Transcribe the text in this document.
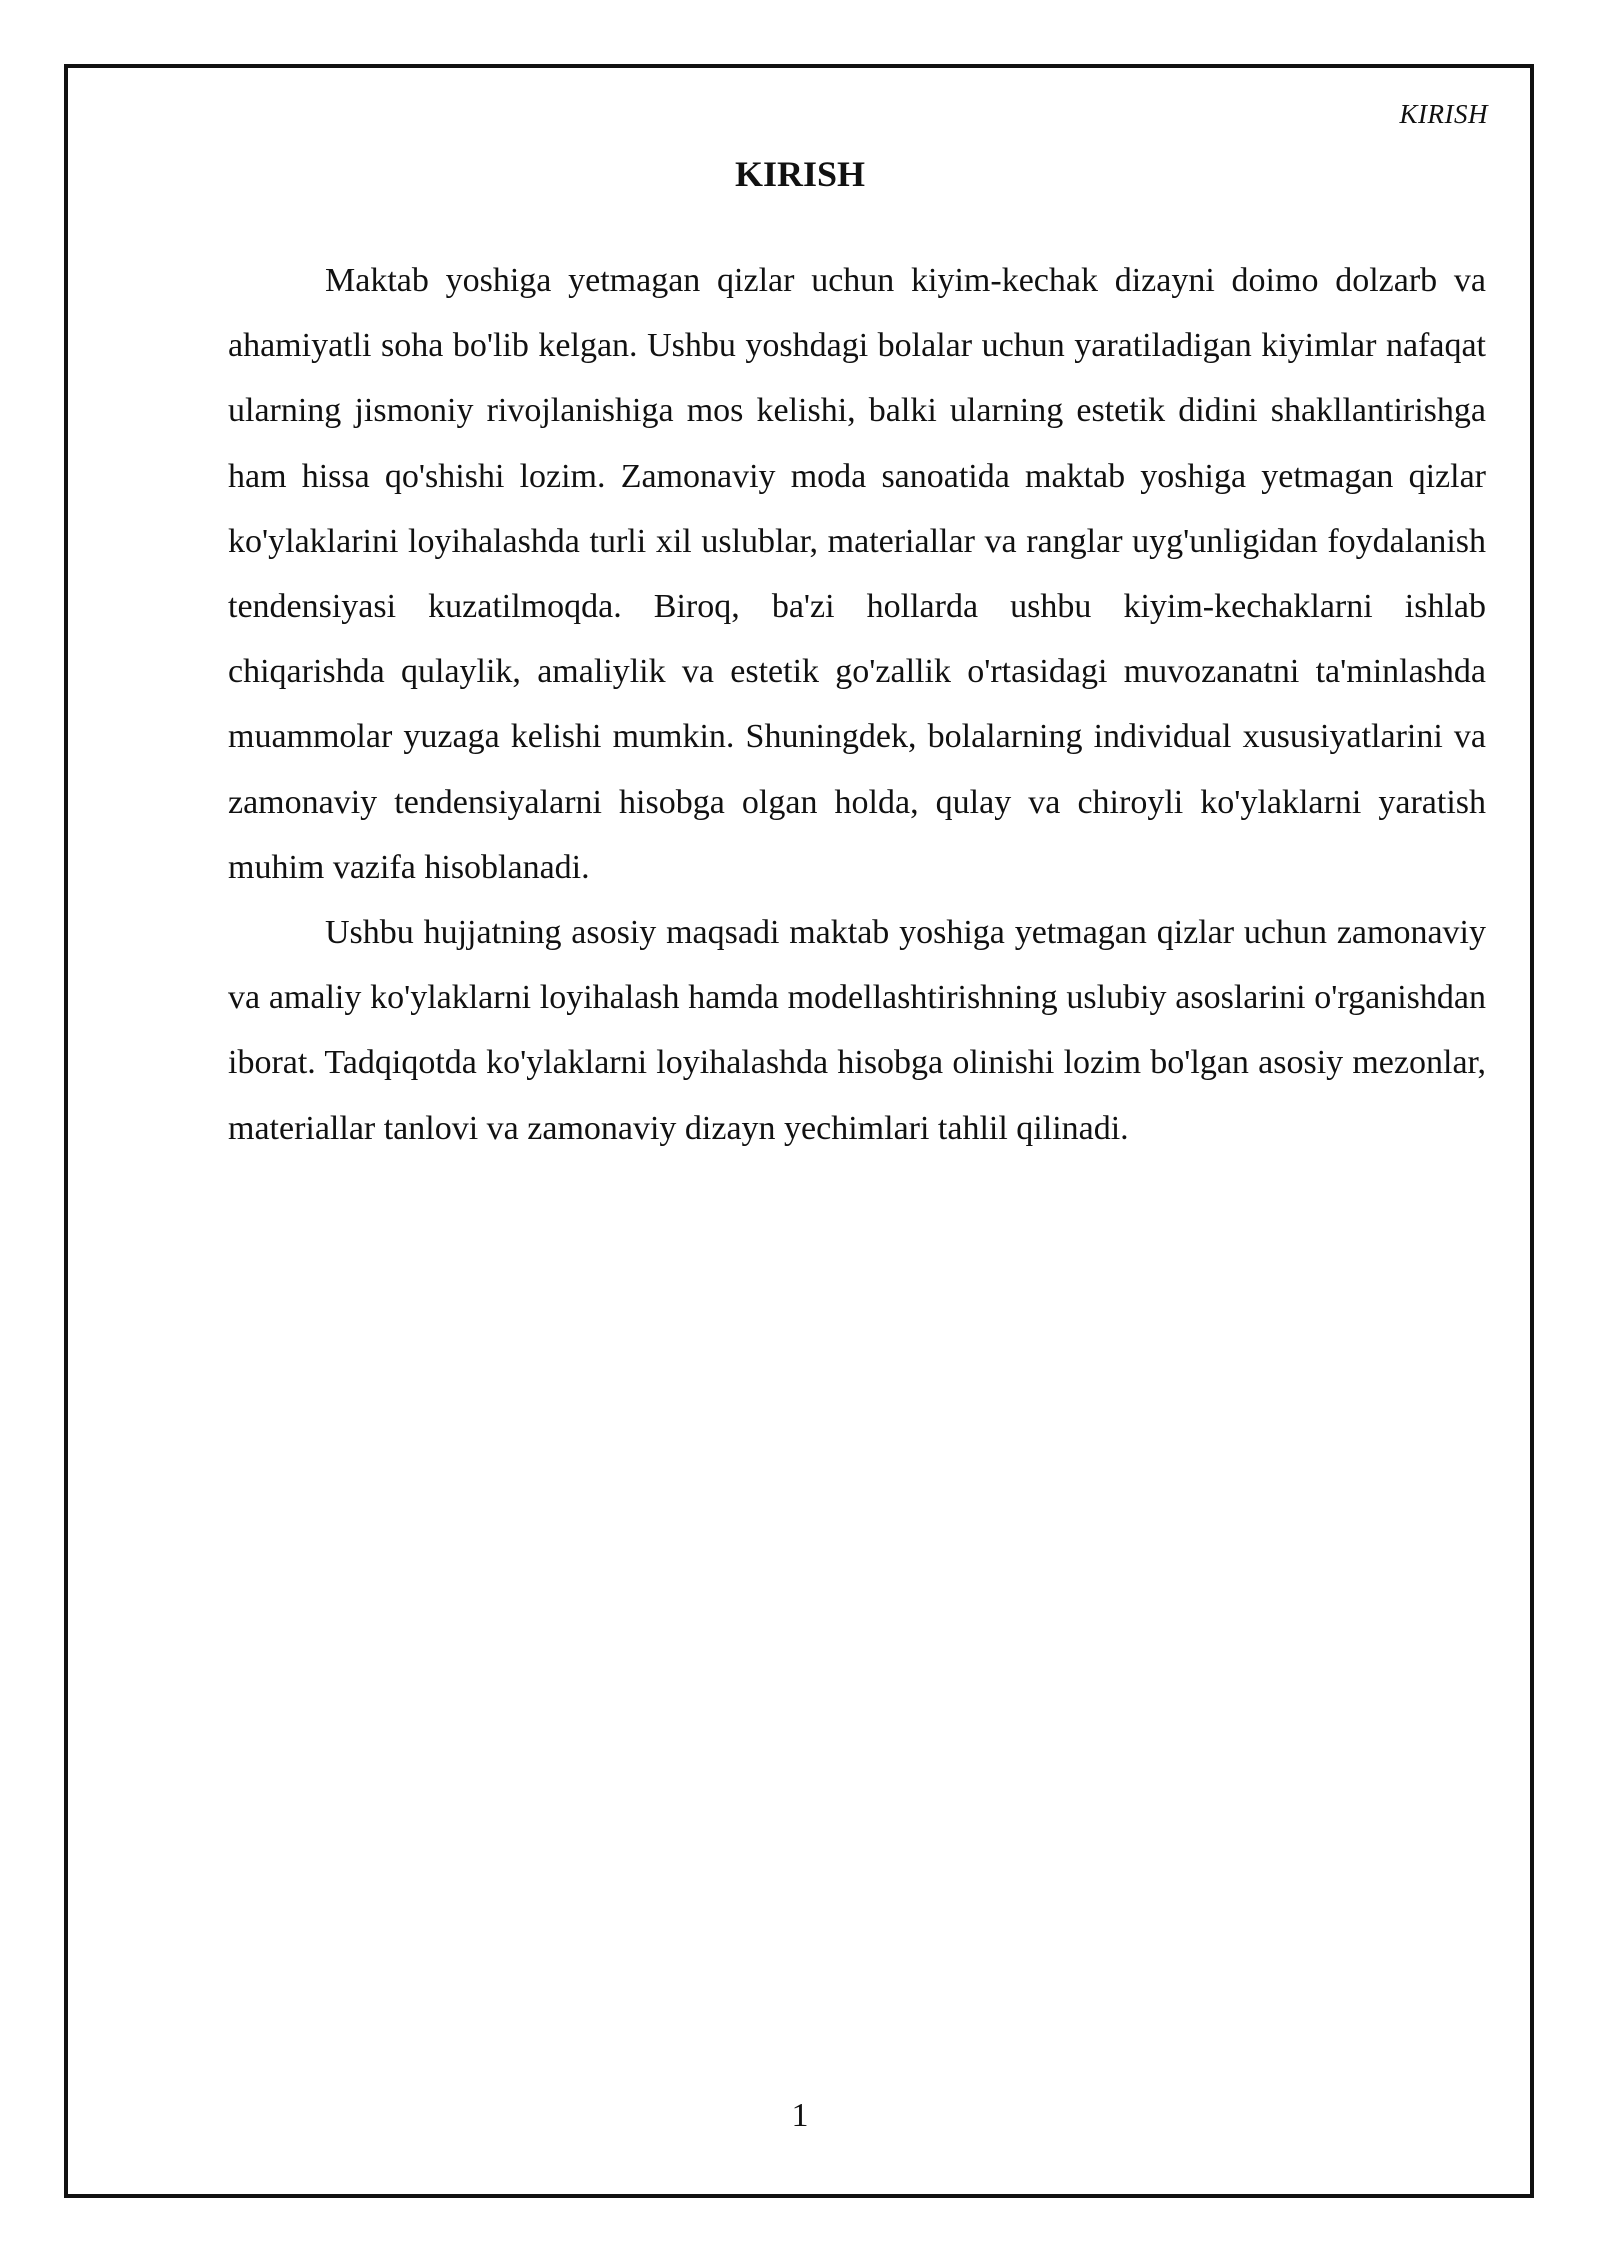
KIRISH
KIRISH

Maktab yoshiga yetmagan qizlar uchun kiyim-kechak dizayni doimo dolzarb va ahamiyatli soha bo'lib kelgan. Ushbu yoshdagi bolalar uchun yaratiladigan kiyimlar nafaqat ularning jismoniy rivojlanishiga mos kelishi, balki ularning estetik didini shakllantirishga ham hissa qo'shishi lozim. Zamonaviy moda sanoatida maktab yoshiga yetmagan qizlar ko'ylaklarini loyihalashda turli xil uslublar, materiallar va ranglar uyg'unligidan foydalanish tendensiyasi kuzatilmoqda. Biroq, ba'zi hollarda ushbu kiyim-kechaklarni ishlab chiqarishda qulaylik, amaliylik va estetik go'zallik o'rtasidagi muvozanatni ta'minlashda muammolar yuzaga kelishi mumkin. Shuningdek, bolalarning individual xususiyatlarini va zamonaviy tendensiyalarni hisobga olgan holda, qulay va chiroyli ko'ylaklarni yaratish muhim vazifa hisoblanadi.

Ushbu hujjatning asosiy maqsadi maktab yoshiga yetmagan qizlar uchun zamonaviy va amaliy ko'ylaklarni loyihalash hamda modellashtirishning uslubiy asoslarini o'rganishdan iborat. Tadqiqotda ko'ylaklarni loyihalashda hisobga olinishi lozim bo'lgan asosiy mezonlar, materiallar tanlovi va zamonaviy dizayn yechimlari tahlil qilinadi.

1
